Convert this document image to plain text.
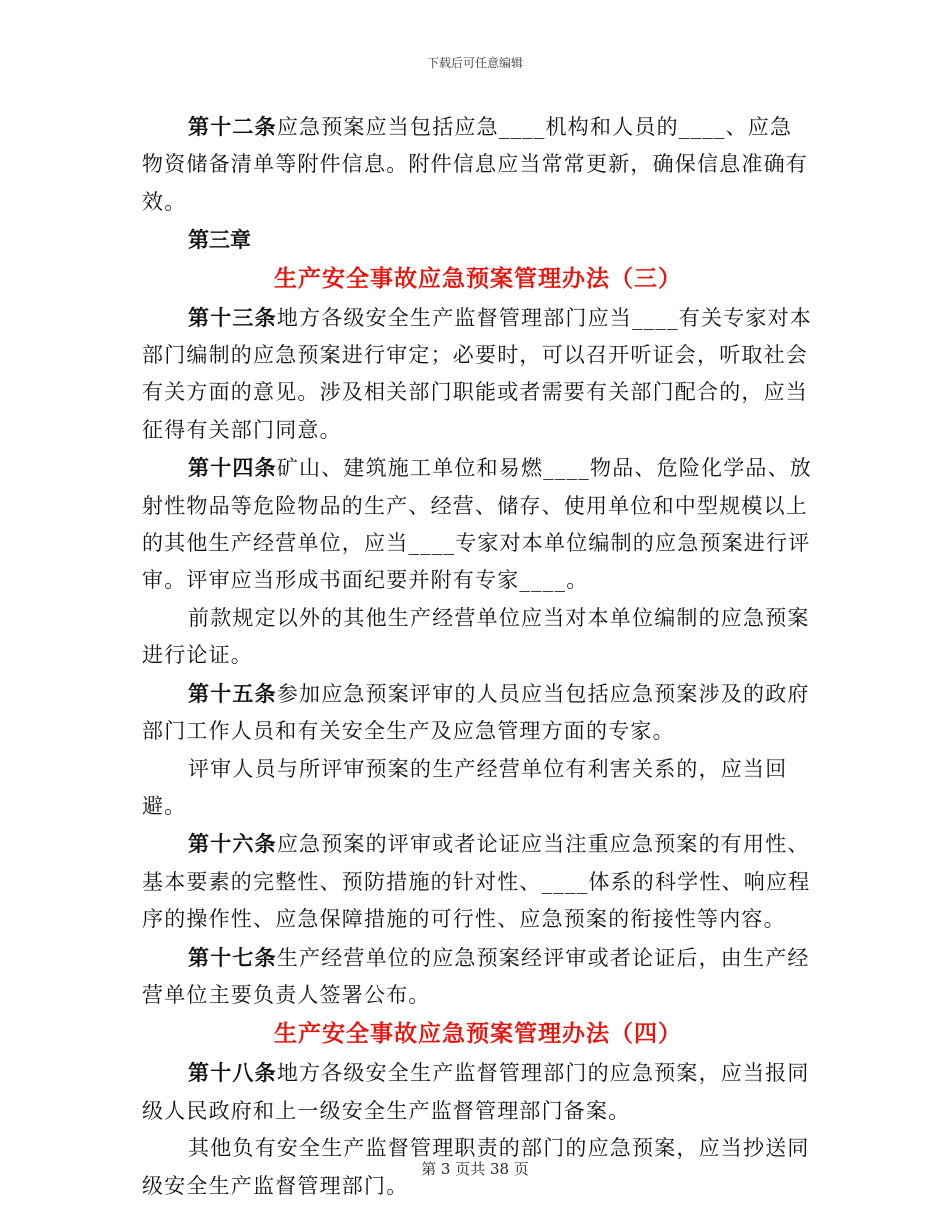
下载后可任意编辑

第十二条应急预案应当包括应急____机构和人员的____、应急物资储备清单等附件信息。附件信息应当常常更新，确保信息准确有效。

第三章

生产安全事故应急预案管理办法（三）

第十三条地方各级安全生产监督管理部门应当____有关专家对本部门编制的应急预案进行审定；必要时，可以召开听证会，听取社会有关方面的意见。涉及相关部门职能或者需要有关部门配合的，应当征得有关部门同意。

第十四条矿山、建筑施工单位和易燃____物品、危险化学品、放射性物品等危险物品的生产、经营、储存、使用单位和中型规模以上的其他生产经营单位，应当____专家对本单位编制的应急预案进行评审。评审应当形成书面纪要并附有专家____。

前款规定以外的其他生产经营单位应当对本单位编制的应急预案进行论证。

第十五条参加应急预案评审的人员应当包括应急预案涉及的政府部门工作人员和有关安全生产及应急管理方面的专家。

评审人员与所评审预案的生产经营单位有利害关系的，应当回避。

第十六条应急预案的评审或者论证应当注重应急预案的有用性、基本要素的完整性、预防措施的针对性、____体系的科学性、响应程序的操作性、应急保障措施的可行性、应急预案的衔接性等内容。

第十七条生产经营单位的应急预案经评审或者论证后，由生产经营单位主要负责人签署公布。

生产安全事故应急预案管理办法（四）

第十八条地方各级安全生产监督管理部门的应急预案，应当报同级人民政府和上一级安全生产监督管理部门备案。

其他负有安全生产监督管理职责的部门的应急预案，应当抄送同级安全生产监督管理部门。

第 3 页共 38 页
